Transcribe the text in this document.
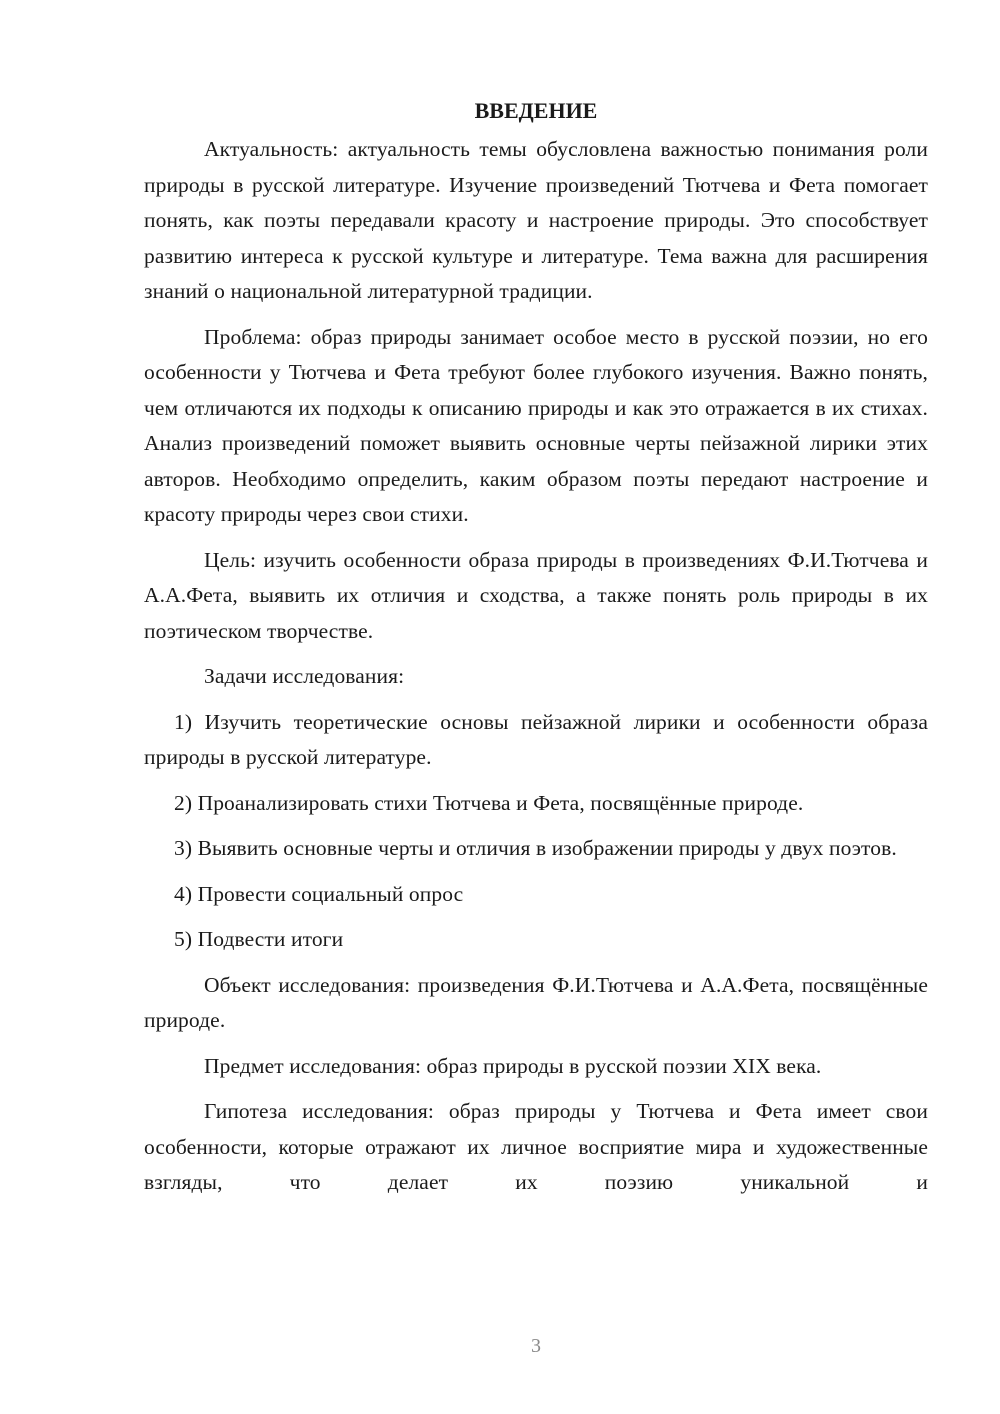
ВВЕДЕНИЕ

Актуальность: актуальность темы обусловлена важностью понимания роли природы в русской литературе. Изучение произведений Тютчева и Фета помогает понять, как поэты передавали красоту и настроение природы. Это способствует развитию интереса к русской культуре и литературе. Тема важна для расширения знаний о национальной литературной традиции.

Проблема: образ природы занимает особое место в русской поэзии, но его особенности у Тютчева и Фета требуют более глубокого изучения. Важно понять, чем отличаются их подходы к описанию природы и как это отражается в их стихах. Анализ произведений поможет выявить основные черты пейзажной лирики этих авторов. Необходимо определить, каким образом поэты передают настроение и красоту природы через свои стихи.

Цель: изучить особенности образа природы в произведениях Ф.И.Тютчева и А.А.Фета, выявить их отличия и сходства, а также понять роль природы в их поэтическом творчестве.

Задачи исследования:

1) Изучить теоретические основы пейзажной лирики и особенности образа природы в русской литературе.

2) Проанализировать стихи Тютчева и Фета, посвящённые природе.

3) Выявить основные черты и отличия в изображении природы у двух поэтов.

4) Провести социальный опрос

5) Подвести итоги

Объект исследования: произведения Ф.И.Тютчева и А.А.Фета, посвящённые природе.

Предмет исследования: образ природы в русской поэзии XIX века.

Гипотеза исследования: образ природы у Тютчева и Фета имеет свои особенности, которые отражают их личное восприятие мира и художественные взгляды, что делает их поэзию уникальной и

3
